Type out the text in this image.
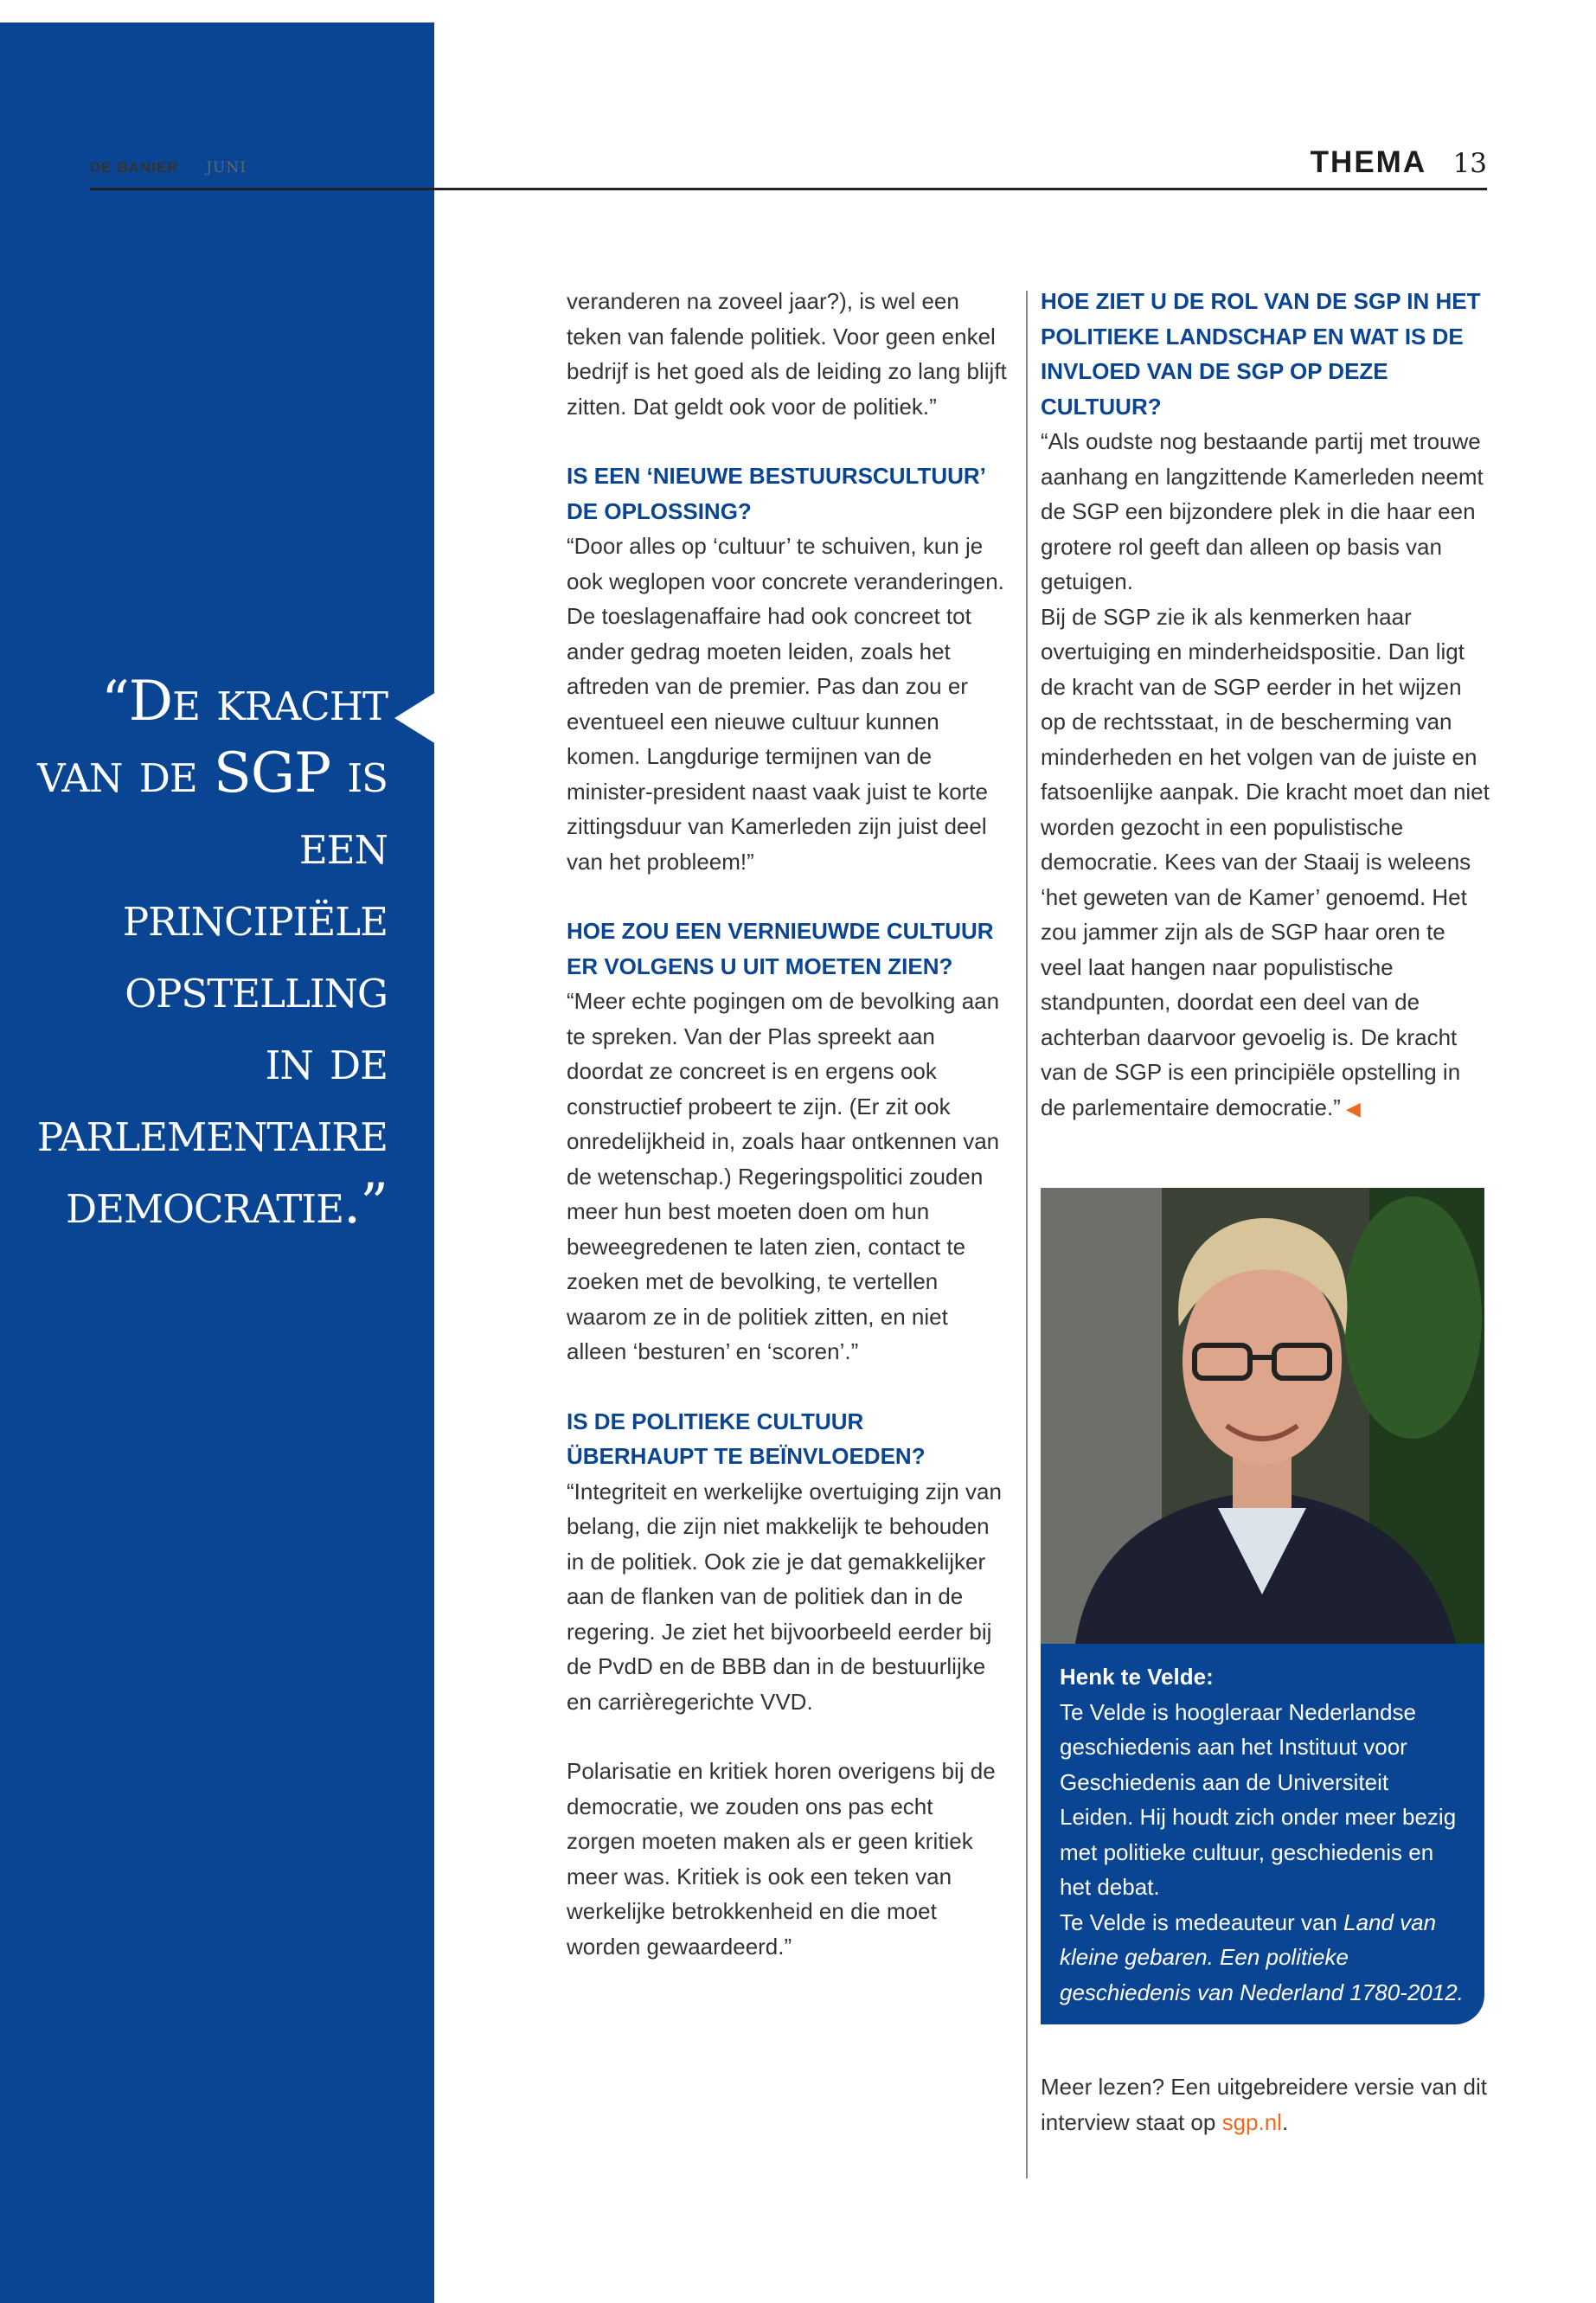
“De kracht
van de SGP is
een principiële
opstelling
in de
parlementaire
democratie.”
DE BANIER JUNI	THEMA 13

veranderen na zoveel jaar?), is wel een teken van falende politiek. Voor geen enkel bedrijf is het goed als de leiding zo lang blijft zitten. Dat geldt ook voor de politiek.”

IS EEN ‘NIEUWE BESTUURSCULTUUR’ DE OPLOSSING?

“Door alles op ‘cultuur’ te schuiven, kun je ook weglopen voor concrete veranderingen. De toeslagenaffaire had ook concreet tot ander gedrag moeten leiden, zoals het aftreden van de premier. Pas dan zou er eventueel een nieuwe cultuur kunnen komen. Langdurige termijnen van de minister-president naast vaak juist te korte zittingsduur van Kamerleden zijn juist deel van het probleem!”

HOE ZOU EEN VERNIEUWDE CULTUUR ER VOLGENS U UIT MOETEN ZIEN?

“Meer echte pogingen om de bevolking aan te spreken. Van der Plas spreekt aan doordat ze concreet is en ergens ook constructief probeert te zijn. (Er zit ook onredelijkheid in, zoals haar ontkennen van de wetenschap.) Regeringspolitici zouden meer hun best moeten doen om hun beweegredenen te laten zien, contact te zoeken met de bevolking, te vertellen waarom ze in de politiek zitten, en niet alleen ‘besturen’ en ‘scoren’.”

IS DE POLITIEKE CULTUUR ÜBERHAUPT TE BEÏNVLOEDEN?

“Integriteit en werkelijke overtuiging zijn van belang, die zijn niet makkelijk te behouden in de politiek. Ook zie je dat gemakkelijker aan de flanken van de politiek dan in de regering. Je ziet het bijvoorbeeld eerder bij de PvdD en de BBB dan in de bestuurlijke en carrièregerichte VVD.

Polarisatie en kritiek horen overigens bij de democratie, we zouden ons pas echt zorgen moeten maken als er geen kritiek meer was. Kritiek is ook een teken van werkelijke betrokkenheid en die moet worden gewaardeerd.”

HOE ZIET U DE ROL VAN DE SGP IN HET POLITIEKE LANDSCHAP EN WAT IS DE INVLOED VAN DE SGP OP DEZE CULTUUR?

“Als oudste nog bestaande partij met trouwe aanhang en langzittende Kamerleden neemt de SGP een bijzondere plek in die haar een grotere rol geeft dan alleen op basis van getuigen.

Bij de SGP zie ik als kenmerken haar overtuiging en minderheidspositie. Dan ligt de kracht van de SGP eerder in het wijzen op de rechtsstaat, in de bescherming van minderheden en het volgen van de juiste en fatsoenlijke aanpak. Die kracht moet dan niet worden gezocht in een populistische democratie. Kees van der Staaij is weleens ‘het geweten van de Kamer’ genoemd. Het zou jammer zijn als de SGP haar oren te veel laat hangen naar populistische standpunten, doordat een deel van de achterban daarvoor gevoelig is. De kracht van de SGP is een principiële opstelling in de parlementaire democratie.” ◀

Henk te Velde:

Te Velde is hoogleraar Nederlandse geschiedenis aan het Instituut voor Geschiedenis aan de Universiteit Leiden. Hij houdt zich onder meer bezig met politieke cultuur, geschiedenis en het debat.

Te Velde is medeauteur van Land van kleine gebaren. Een politieke geschiedenis van Nederland 1780-2012.

Meer lezen? Een uitgebreidere versie van dit interview staat op sgp.nl.
